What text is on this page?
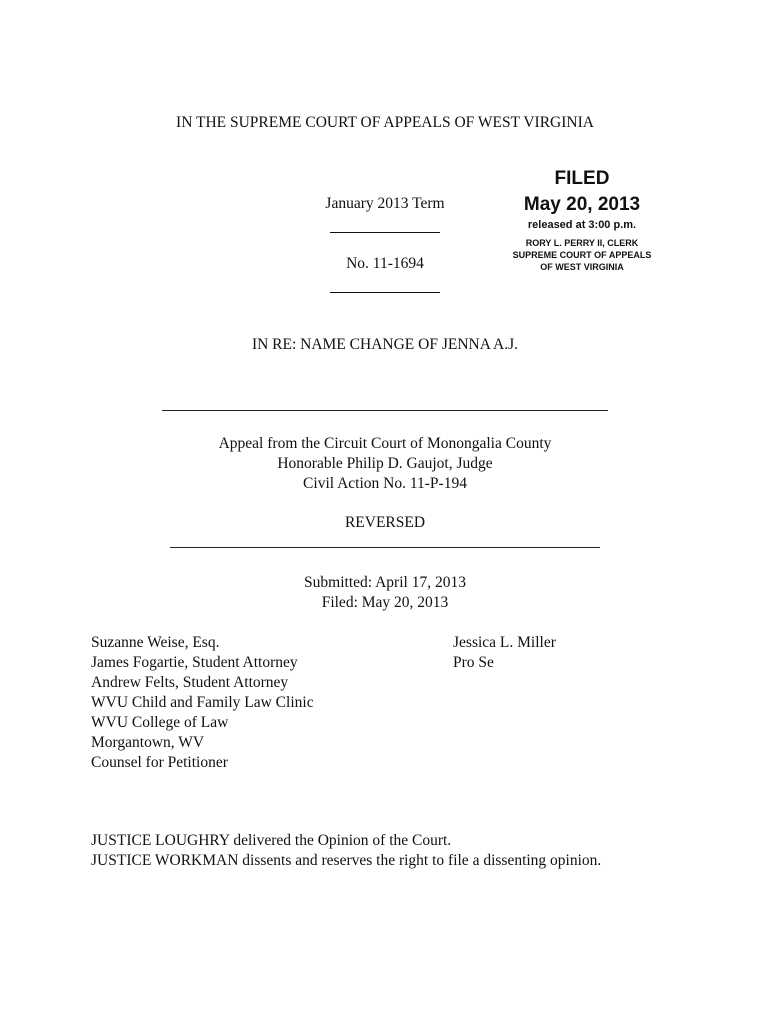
IN THE SUPREME COURT OF APPEALS OF WEST VIRGINIA
January 2013 Term
No. 11-1694
FILED
May 20, 2013
released at 3:00 p.m.
RORY L. PERRY II, CLERK
SUPREME COURT OF APPEALS
OF WEST VIRGINIA
IN RE: NAME CHANGE OF JENNA A.J.
Appeal from the Circuit Court of Monongalia County
Honorable Philip D. Gaujot, Judge
Civil Action No. 11-P-194
REVERSED
Submitted: April 17, 2013
Filed: May 20, 2013
Suzanne Weise, Esq.
James Fogartie, Student Attorney
Andrew Felts, Student Attorney
WVU Child and Family Law Clinic
WVU College of Law
Morgantown, WV
Counsel for Petitioner
Jessica L. Miller
Pro Se
JUSTICE LOUGHRY delivered the Opinion of the Court.
JUSTICE WORKMAN dissents and reserves the right to file a dissenting opinion.
